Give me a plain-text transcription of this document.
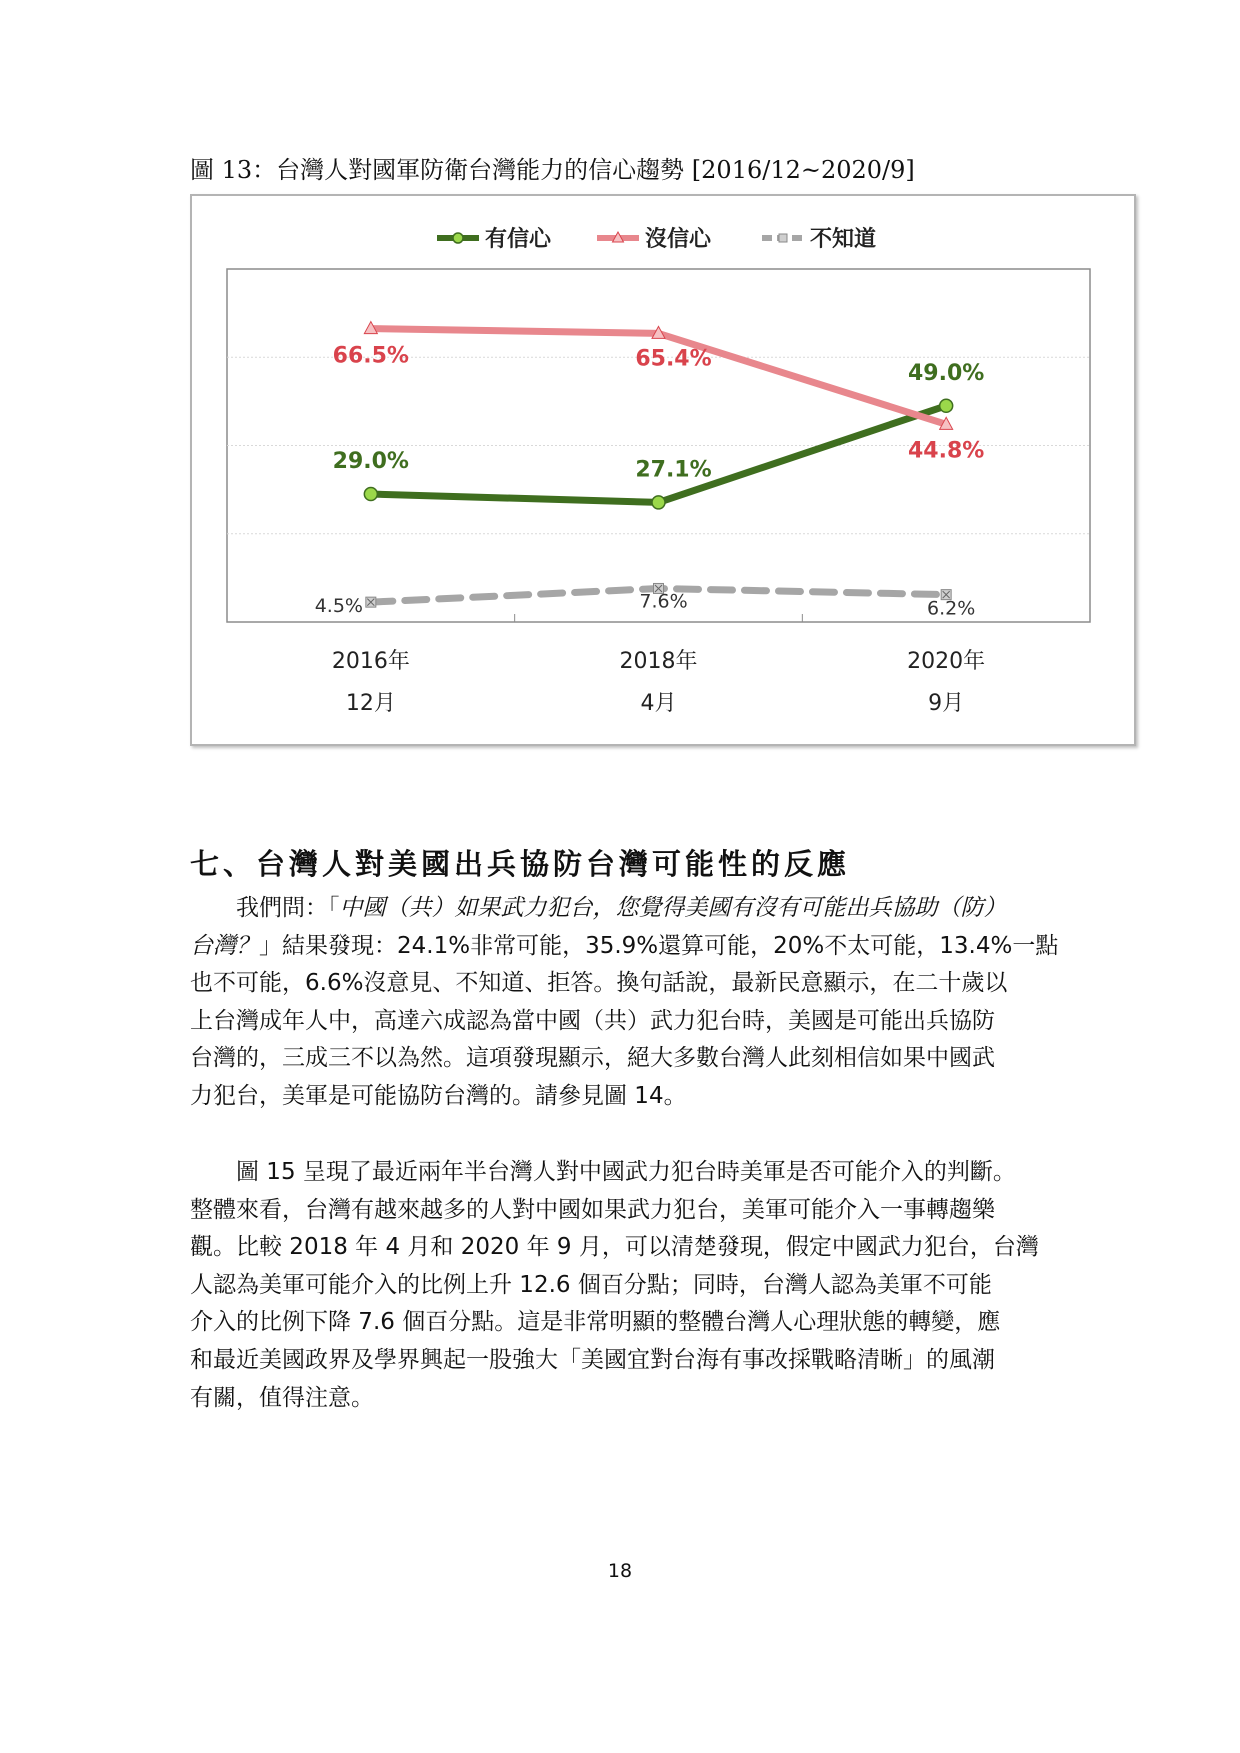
圖 13：台灣人對國軍防衛台灣能力的信心趨勢 [2016/12~2020/9]
2016年
12月
2018年
4月
2020年
9月
29.0%	27.1%
49.0%
66.5%	65.4%
44.8%
4.5%	7.6%	6.2%
有信心	沒信心	不知道
七、台灣人對美國出兵協防台灣可能性的反應
我們問：「中國（共）如果武力犯台，您覺得美國有沒有可能出兵協助（防）
台灣？」結果發現：24.1%非常可能，35.9%還算可能，20%不太可能，13.4%一點
也不可能，6.6%沒意見、不知道、拒答。換句話說，最新民意顯示，在二十歲以
上台灣成年人中，高達六成認為當中國（共）武力犯台時，美國是可能出兵協防
台灣的，三成三不以為然。這項發現顯示，絕大多數台灣人此刻相信如果中國武
力犯台，美軍是可能協防台灣的。請參見圖 14。
圖 15 呈現了最近兩年半台灣人對中國武力犯台時美軍是否可能介入的判斷。
整體來看，台灣有越來越多的人對中國如果武力犯台，美軍可能介入一事轉趨樂
觀。比較 2018 年 4 月和 2020 年 9 月，可以清楚發現，假定中國武力犯台，台灣
人認為美軍可能介入的比例上升 12.6 個百分點；同時，台灣人認為美軍不可能
介入的比例下降 7.6 個百分點。這是非常明顯的整體台灣人心理狀態的轉變，應
和最近美國政界及學界興起一股強大「美國宜對台海有事改採戰略清晰」的風潮
有關，值得注意。
18
